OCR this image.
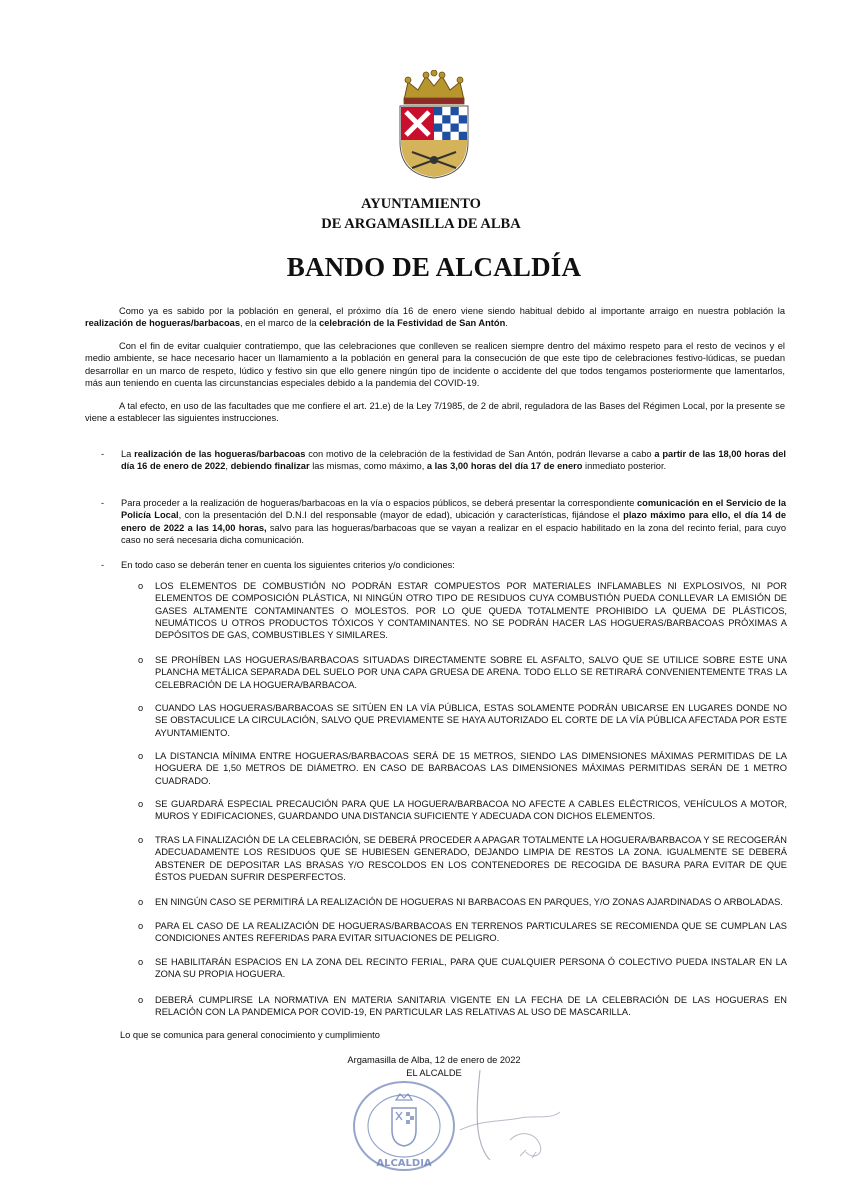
AYUNTAMIENTO
DE ARGAMASILLA DE ALBA
BANDO DE ALCALDÍA
Como ya es sabido por la población en general, el próximo día 16 de enero viene siendo habitual debido al importante arraigo en nuestra población la realización de hogueras/barbacoas, en el marco de la celebración de la Festividad de San Antón.
Con el fin de evitar cualquier contratiempo, que las celebraciones que conlleven se realicen siempre dentro del máximo respeto para el resto de vecinos y el medio ambiente, se hace necesario hacer un llamamiento a la población en general para la consecución de que este tipo de celebraciones festivo-lúdicas, se puedan desarrollar en un marco de respeto, lúdico y festivo sin que ello genere ningún tipo de incidente o accidente del que todos tengamos posteriormente que lamentarlos, más aun teniendo en cuenta las circunstancias especiales debido a la pandemia del COVID-19.
A tal efecto, en uso de las facultades que me confiere el art. 21.e) de la Ley 7/1985, de 2 de abril, reguladora de las Bases del Régimen Local, por la presente se viene a establecer las siguientes instrucciones.
- La realización de las hogueras/barbacoas con motivo de la celebración de la festividad de San Antón, podrán llevarse a cabo a partir de las 18,00 horas del día 16 de enero de 2022, debiendo finalizar las mismas, como máximo, a las 3,00 horas del día 17 de enero inmediato posterior.
- Para proceder a la realización de hogueras/barbacoas en la vía o espacios públicos, se deberá presentar la correspondiente comunicación en el Servicio de la Policía Local, con la presentación del D.N.I del responsable (mayor de edad), ubicación y características, fijándose el plazo máximo para ello, el día 14 de enero de 2022 a las 14,00 horas, salvo para las hogueras/barbacoas que se vayan a realizar en el espacio habilitado en la zona del recinto ferial, para cuyo caso no será necesaria dicha comunicación.
- En todo caso se deberán tener en cuenta los siguientes criterios y/o condiciones:
o LOS ELEMENTOS DE COMBUSTIÓN NO PODRÁN ESTAR COMPUESTOS POR MATERIALES INFLAMABLES NI EXPLOSIVOS, NI POR ELEMENTOS DE COMPOSICIÓN PLÁSTICA, NI NINGÚN OTRO TIPO DE RESIDUOS CUYA COMBUSTIÓN PUEDA CONLLEVAR LA EMISIÓN DE GASES ALTAMENTE CONTAMINANTES O MOLESTOS. POR LO QUE QUEDA TOTALMENTE PROHIBIDO LA QUEMA DE PLÁSTICOS, NEUMÁTICOS U OTROS PRODUCTOS TÓXICOS Y CONTAMINANTES. NO SE PODRÁN HACER LAS HOGUERAS/BARBACOAS PRÓXIMAS A DEPÓSITOS DE GAS, COMBUSTIBLES Y SIMILARES.
o SE PROHÍBEN LAS HOGUERAS/BARBACOAS SITUADAS DIRECTAMENTE SOBRE EL ASFALTO, SALVO QUE SE UTILICE SOBRE ESTE UNA PLANCHA METÁLICA SEPARADA DEL SUELO POR UNA CAPA GRUESA DE ARENA. TODO ELLO SE RETIRARÁ CONVENIENTEMENTE TRAS LA CELEBRACIÓN DE LA HOGUERA/BARBACOA.
o CUANDO LAS HOGUERAS/BARBACOAS SE SITÚEN EN LA VÍA PÚBLICA, ESTAS SOLAMENTE PODRÁN UBICARSE EN LUGARES DONDE NO SE OBSTACULICE LA CIRCULACIÓN, SALVO QUE PREVIAMENTE SE HAYA AUTORIZADO EL CORTE DE LA VÍA PÚBLICA AFECTADA POR ESTE AYUNTAMIENTO.
o LA DISTANCIA MÍNIMA ENTRE HOGUERAS/BARBACOAS SERÁ DE 15 METROS, SIENDO LAS DIMENSIONES MÁXIMAS PERMITIDAS DE LA HOGUERA DE 1,50 METROS DE DIÁMETRO. EN CASO DE BARBACOAS LAS DIMENSIONES MÁXIMAS PERMITIDAS SERÁN DE 1 METRO CUADRADO.
o SE GUARDARÁ ESPECIAL PRECAUCIÓN PARA QUE LA HOGUERA/BARBACOA NO AFECTE A CABLES ELÉCTRICOS, VEHÍCULOS A MOTOR, MUROS Y EDIFICACIONES, GUARDANDO UNA DISTANCIA SUFICIENTE Y ADECUADA CON DICHOS ELEMENTOS.
o TRAS LA FINALIZACIÓN DE LA CELEBRACIÓN, SE DEBERÁ PROCEDER A APAGAR TOTALMENTE LA HOGUERA/BARBACOA Y SE RECOGERÁN ADECUADAMENTE LOS RESIDUOS QUE SE HUBIESEN GENERADO, DEJANDO LIMPIA DE RESTOS LA ZONA. IGUALMENTE SE DEBERÁ ABSTENER DE DEPOSITAR LAS BRASAS Y/O RESCOLDOS EN LOS CONTENEDORES DE RECOGIDA DE BASURA PARA EVITAR DE QUE ÉSTOS PUEDAN SUFRIR DESPERFECTOS.
o EN NINGÚN CASO SE PERMITIRÁ LA REALIZACIÓN DE HOGUERAS NI BARBACOAS EN PARQUES, Y/O ZONAS AJARDINADAS O ARBOLADAS.
o PARA EL CASO DE LA REALIZACIÓN DE HOGUERAS/BARBACOAS EN TERRENOS PARTICULARES SE RECOMIENDA QUE SE CUMPLAN LAS CONDICIONES ANTES REFERIDAS PARA EVITAR SITUACIONES DE PELIGRO.
o SE HABILITARÁN ESPACIOS EN LA ZONA DEL RECINTO FERIAL, PARA QUE CUALQUIER PERSONA Ó COLECTIVO PUEDA INSTALAR EN LA ZONA SU PROPIA HOGUERA.
o DEBERÁ CUMPLIRSE LA NORMATIVA EN MATERIA SANITARIA VIGENTE EN LA FECHA DE LA CELEBRACIÓN DE LAS HOGUERAS EN RELACIÓN CON LA PANDEMICA POR COVID-19, EN PARTICULAR LAS RELATIVAS AL USO DE MASCARILLA.
Lo que se comunica para general conocimiento y cumplimiento
Argamasilla de Alba, 12 de enero de 2022
EL ALCALDE
ALCALDIA
